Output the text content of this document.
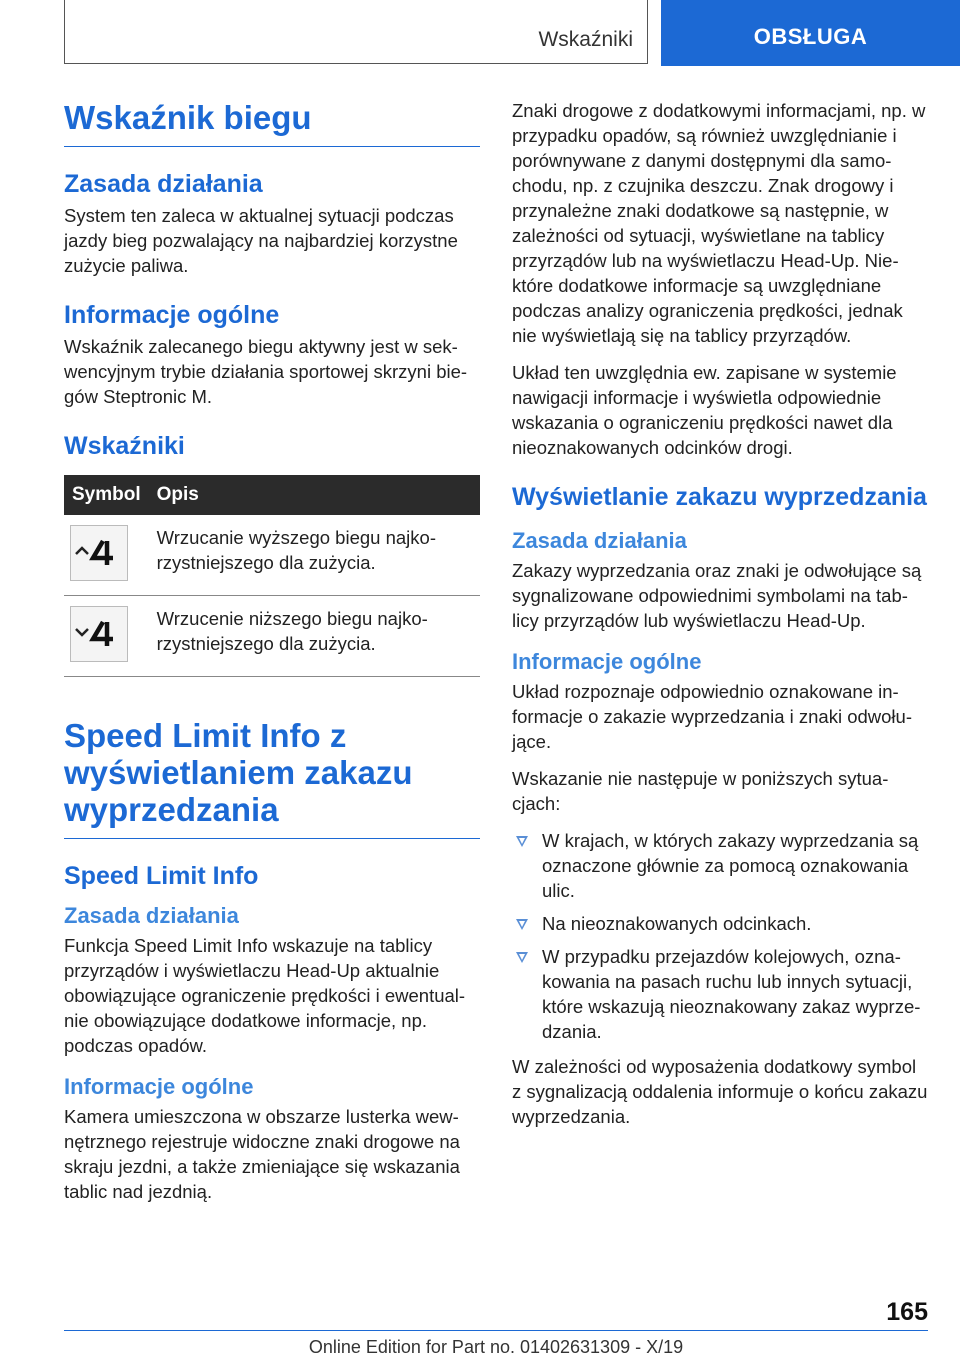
Wskaźniki	OBSŁUGA
Wskaźnik biegu
Zasada działania

System ten zaleca w aktualnej sytuacji podczas jazdy bieg pozwalający na najbardziej korzystne zużycie paliwa.

Informacje ogólne

Wskaźnik zalecanego biegu aktywny jest w sekwencyjnym trybie działania sportowej skrzyni biegów Steptronic M.

Wskaźniki
Symbol	Opis

	Wrzucanie wyższego biegu najkorzystniejszego dla zużycia.

	Wrzucenie niższego biegu najkorzystniejszego dla zużycia.
Speed Limit Info z wyświetlaniem zakazu wyprzedzania
Speed Limit Info
Zasada działania

Funkcja Speed Limit Info wskazuje na tablicy przyrządów i wyświetlaczu Head-Up aktualnie obowiązujące ograniczenie prędkości i ewentualnie obowiązujące dodatkowe informacje, np. podczas opadów.

Informacje ogólne

Kamera umieszczona w obszarze lusterka wewnętrznego rejestruje widoczne znaki drogowe na skraju jezdni, a także zmieniające się wskazania tablic nad jezdnią.

Znaki drogowe z dodatkowymi informacjami, np. w przypadku opadów, są również uwzględnianie i porównywane z danymi dostępnymi dla samochodu, np. z czujnika deszczu. Znak drogowy i przynależne znaki dodatkowe są następnie, w zależności od sytuacji, wyświetlane na tablicy przyrządów lub na wyświetlaczu Head-Up. Niektóre dodatkowe informacje są uwzględniane podczas analizy ograniczenia prędkości, jednak nie wyświetlają się na tablicy przyrządów.

Układ ten uwzględnia ew. zapisane w systemie nawigacji informacje i wyświetla odpowiednie wskazania o ograniczeniu prędkości nawet dla nieoznakowanych odcinków drogi.

Wyświetlanie zakazu wyprzedzania
Zasada działania

Zakazy wyprzedzania oraz znaki je odwołujące są sygnalizowane odpowiednimi symbolami na tablicy przyrządów lub wyświetlaczu Head-Up.

Informacje ogólne

Układ rozpoznaje odpowiednio oznakowane informacje o zakazie wyprzedzania i znaki odwołujące.

Wskazanie nie następuje w poniższych sytuacjach:

W krajach, w których zakazy wyprzedzania są oznaczone głównie za pomocą oznakowania ulic.
Na nieoznakowanych odcinkach.
W przypadku przejazdów kolejowych, oznakowania na pasach ruchu lub innych sytuacji, które wskazują nieoznakowany zakaz wyprzedzania.

W zależności od wyposażenia dodatkowy symbol z sygnalizacją oddalenia informuje o końcu zakazu wyprzedzania.

165
Online Edition for Part no. 01402631309 - X/19
